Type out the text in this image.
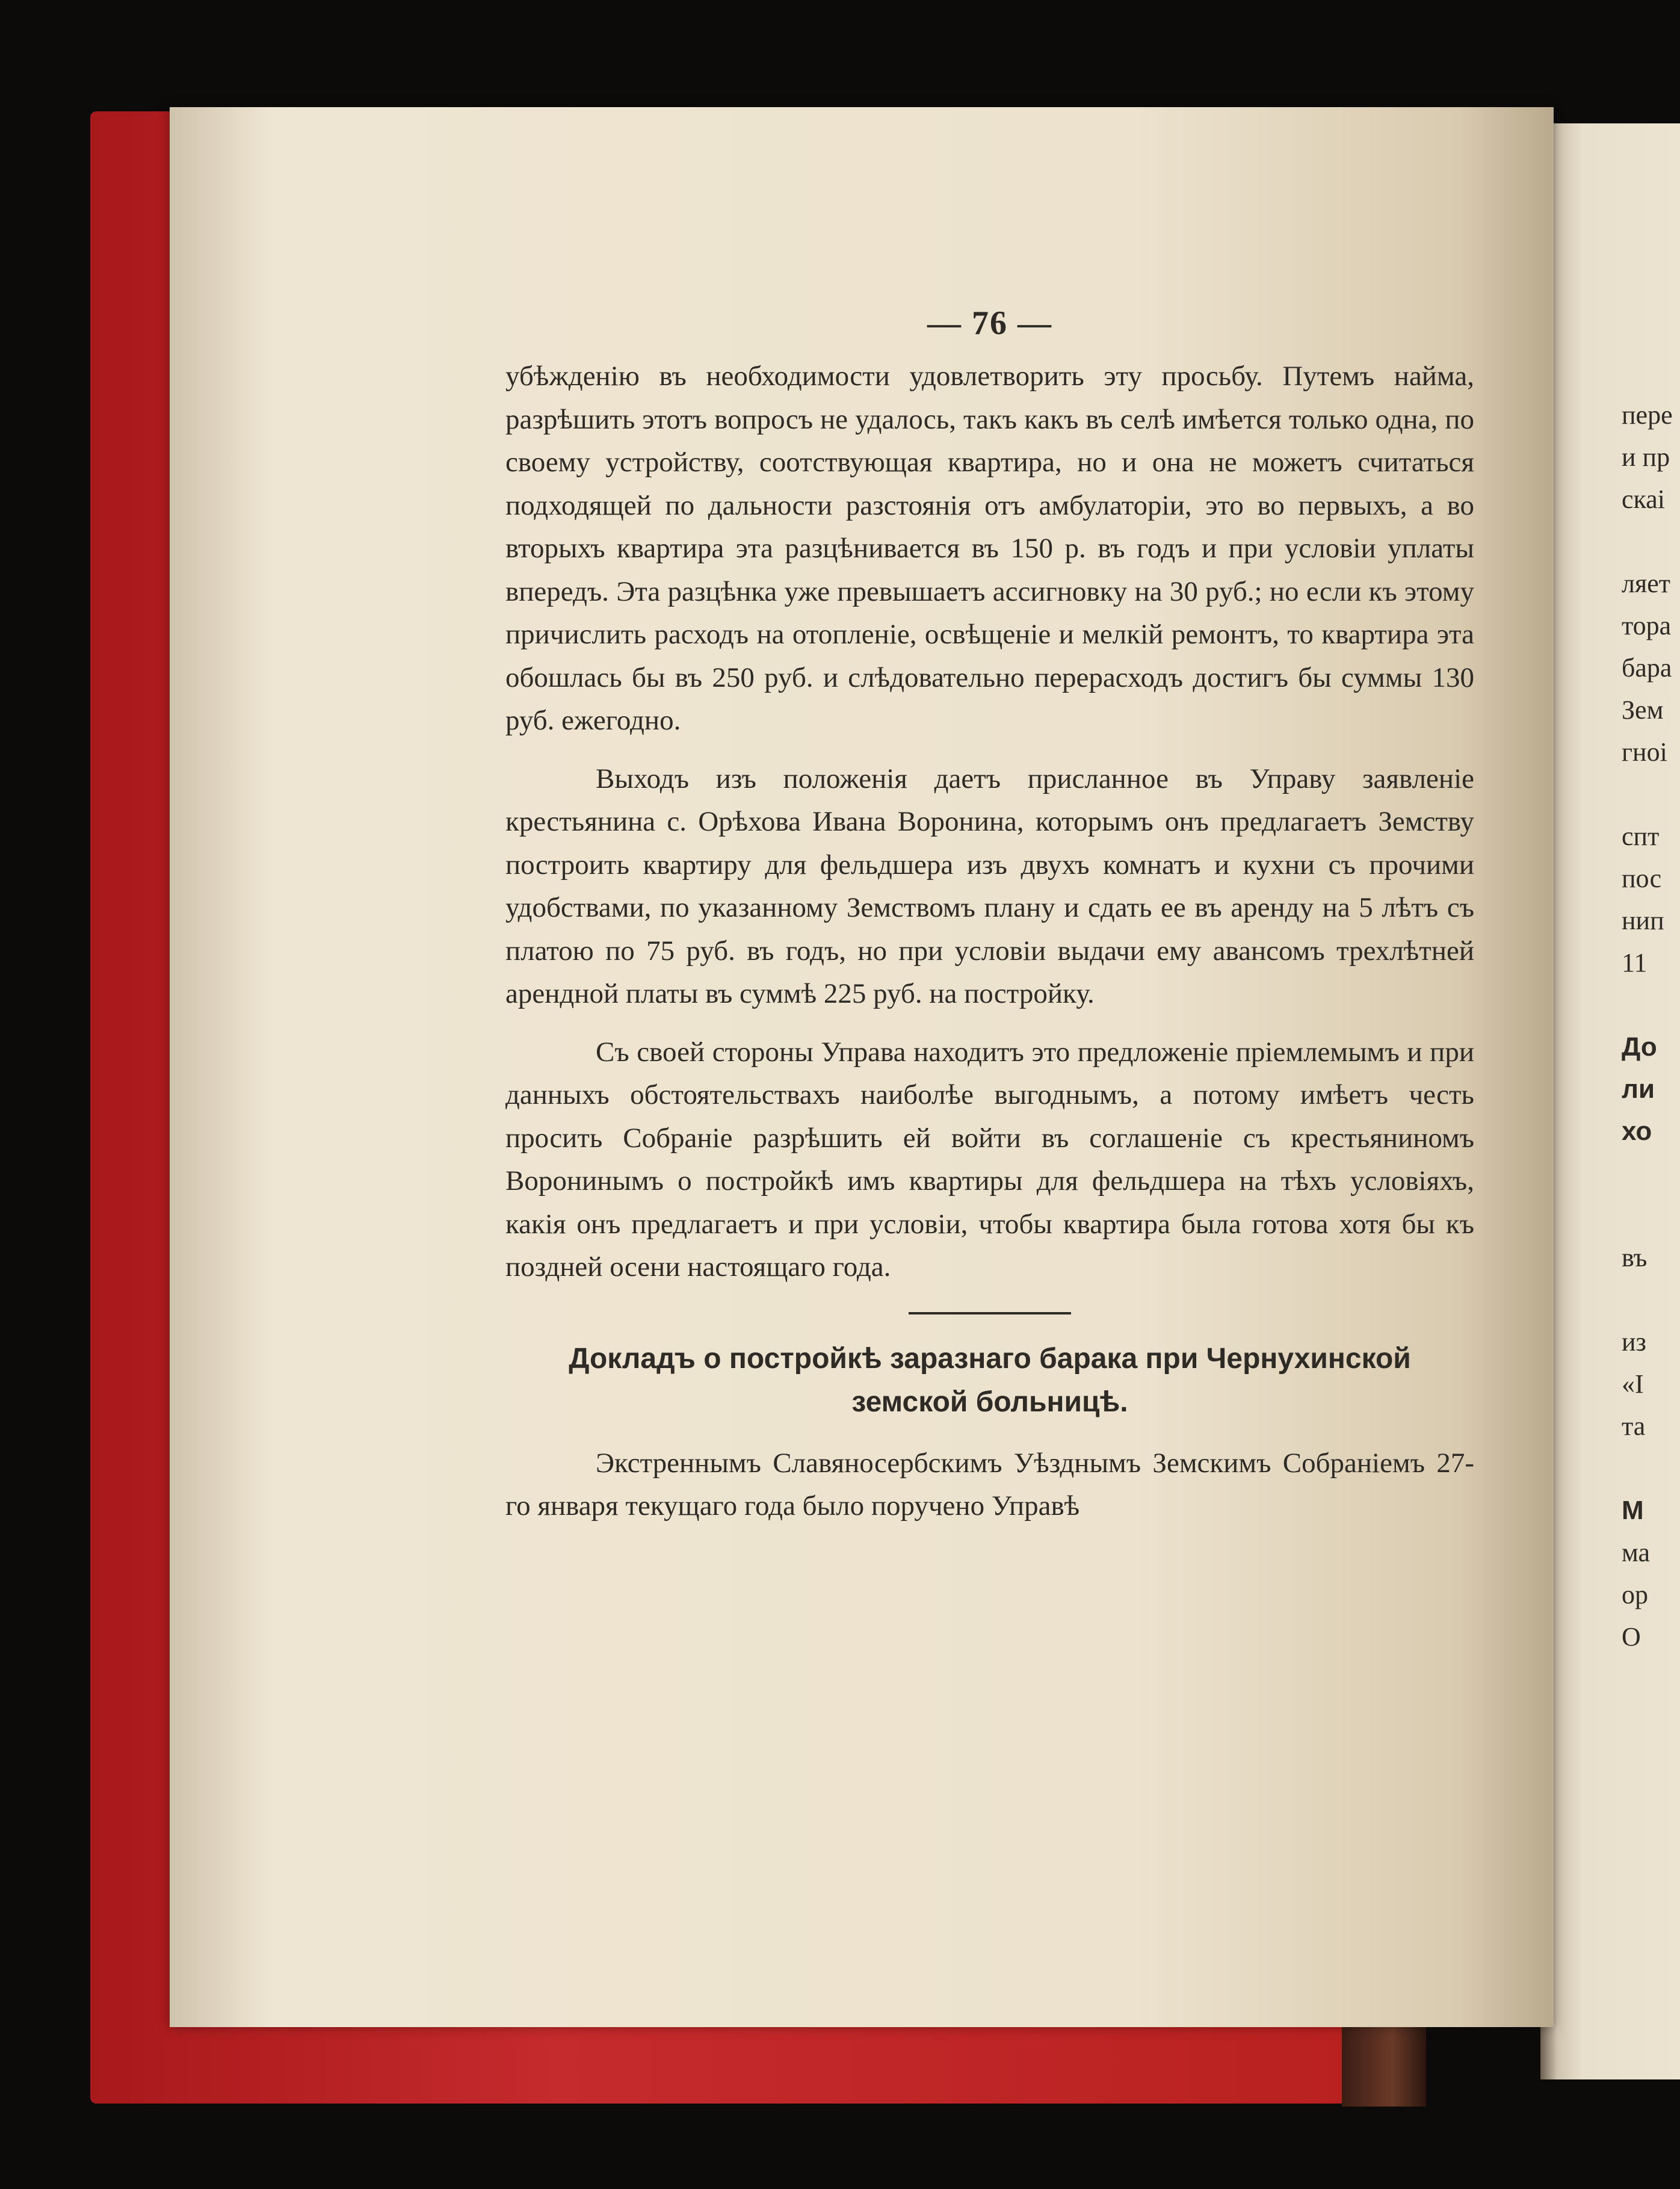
— 76 —

убѣжденію въ необходимости удовлетворить эту просьбу. Путемъ найма, разрѣшить этотъ вопросъ не удалось, такъ какъ въ селѣ имѣется только одна, по своему устройству, соотствующая квартира, но и она не можетъ считаться подходящей по дальности разстоянія отъ амбулаторіи, это во первыхъ, а во вторыхъ квартира эта разцѣнивается въ 150 р. въ годъ и при условіи уплаты впередъ. Эта разцѣнка уже превышаетъ ассигновку на 30 руб.; но если къ этому причислить расходъ на отопленіе, освѣщеніе и мелкій ремонтъ, то квартира эта обошлась бы въ 250 руб. и слѣдовательно перерасходъ достигъ бы суммы 130 руб. ежегодно.

Выходъ изъ положенія даетъ присланное въ Управу заявленіе крестьянина с. Орѣхова Ивана Воронина, которымъ онъ предлагаетъ Земству построить квартиру для фельдшера изъ двухъ комнатъ и кухни съ прочими удобствами, по указанному Земствомъ плану и сдать ее въ аренду на 5 лѣтъ съ платою по 75 руб. въ годъ, но при условіи выдачи ему авансомъ трехлѣтней арендной платы въ суммѣ 225 руб. на постройку.

Съ своей стороны Управа находитъ это предложеніе пріемлемымъ и при данныхъ обстоятельствахъ наиболѣе выгоднымъ, а потому имѣетъ честь просить Собраніе разрѣшить ей войти въ соглашеніе съ крестьяниномъ Воронинымъ о постройкѣ имъ квартиры для фельдшера на тѣхъ условіяхъ, какія онъ предлагаетъ и при условіи, чтобы квартира была готова хотя бы къ поздней осени настоящаго года.

Докладъ о постройкѣ заразнаго барака при Чернухинской
земской больницѣ.

Экстреннымъ Славяносербскимъ Уѣзднымъ Земскимъ Собраніемъ 27-го января текущаго года было поручено Управѣ

пере
и пр
скаі
ляет
тора
бара
Зем
гноі
спт
пос
нип
11
До
ли
хо
въ
из
«І
та
М
ма
ор
О
